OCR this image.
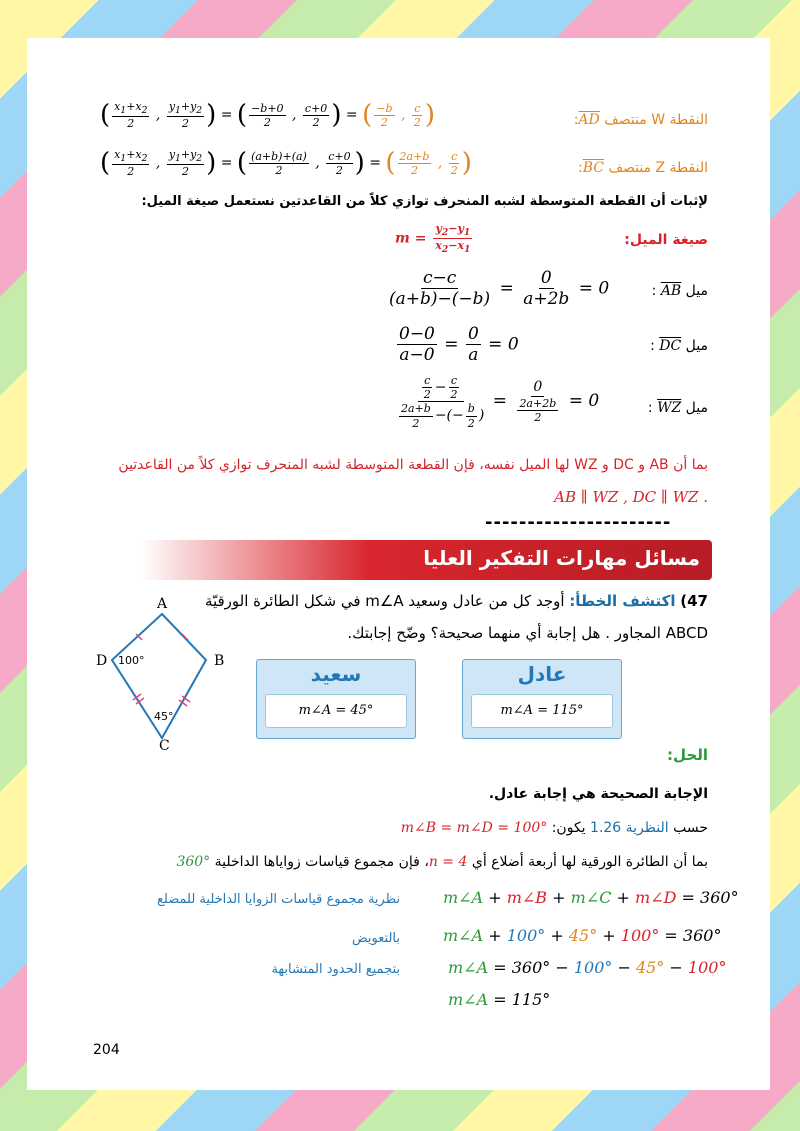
( $\frac{x_1+x_2}{2}$ , $\frac{y_1+y_2}{2}$ ) = ( $\frac{-b+0}{2}$ , $\frac{c+0}{2}$ ) = ( $\frac{-b}{2}$ , $\frac{c}{2}$ )	النقطة W منتصف AD:
( $\frac{x_1+x_2}{2}$ , $\frac{y_1+y_2}{2}$ ) = ( $\frac{(a+b)+(a)}{2}$ , $\frac{c+0}{2}$ ) = ( $\frac{2a+b}{2}$ , $\frac{c}{2}$ )	النقطة Z منتصف BC:
لإثبات أن القطعة المتوسطة لشبه المنحرف توازي كلاً من القاعدتين نستعمل صيغة الميل:
صيغة الميل:
$m = \frac{y_2-y_1}{x_2-x_1}$
$\frac{c-c}{(a+b)-(-b)} = \frac{0}{a+2b} = 0$	ميل AB :
$\frac{0-0}{a-0} = \frac{0}{a} = 0$	ميل DC :
$\frac{\frac{c}{2} - \frac{c}{2}}{\frac{2a+b}{2} -(- \frac{b}{2} )} = \frac{0}{\frac{2a+2b}{2}} = 0$	ميل WZ :
بما أن AB و DC و WZ لها الميل نفسه، فإن القطعة المتوسطة لشبه المنحرف توازي كلاً من القاعدتين
. AB ∥ WZ , DC ∥ WZ
----------------------
مسائل مهارات التفكير العليا
47) اكتشف الخطأ: أوجد كل من عادل وسعيد m∠A في شكل الطائرة الورقيّة
ABCD المجاور . هل إجابة أي منهما صحيحة؟ وضّح إجابتك.
A
B
C
D 100°
45°
سعيد
m∠A = 45°
عادل
m∠A = 115°
الحل:
الإجابة الصحيحة هي إجابة عادل.
حسب النظرية 1.26 يكون: m∠B = m∠D = 100°
بما أن الطائرة الورقية لها أربعة أضلاع أي n = 4، فإن مجموع قياسات زواياها الداخلية 360°
نظرية مجموع قياسات الزوايا الداخلية للمضلع	m∠A + m∠B + m∠C + m∠D = 360°
بالتعويض	m∠A + 100° + 45° + 100° = 360°
بتجميع الحدود المتشابهة	m∠A = 360° − 100° − 45° − 100°
m∠A = 115°
204
